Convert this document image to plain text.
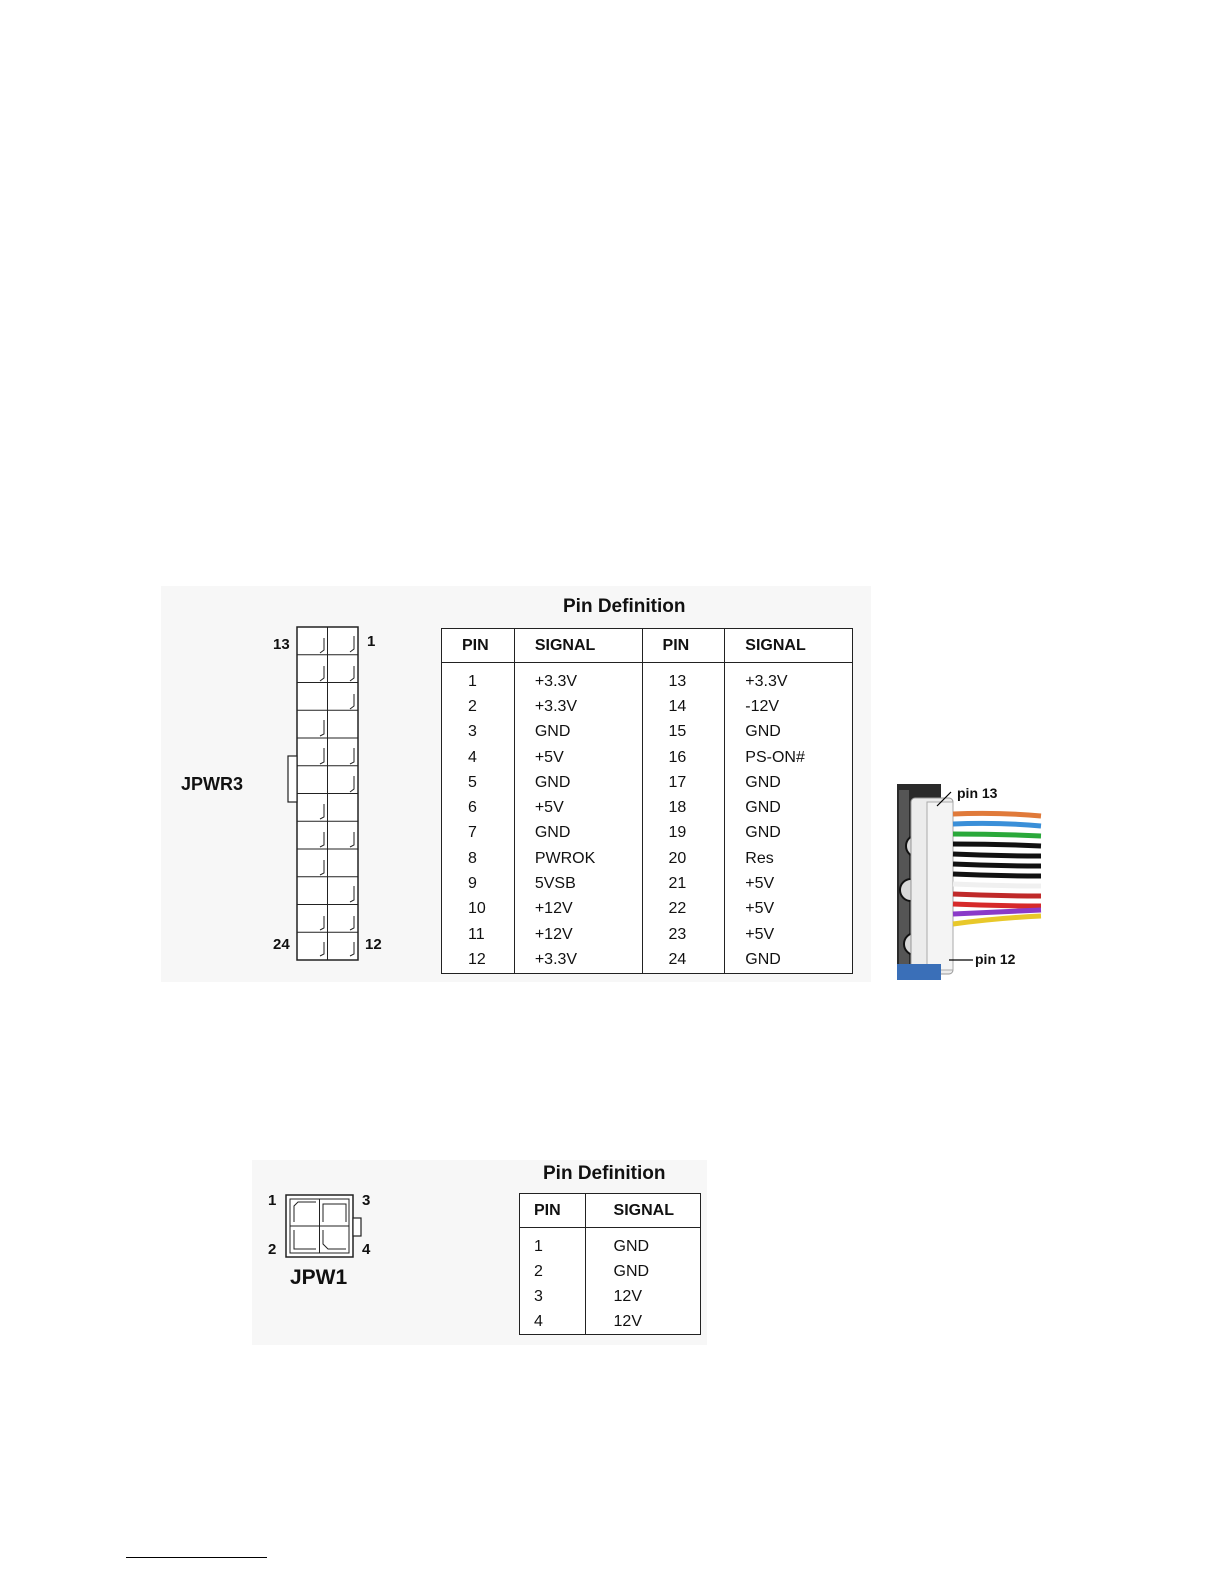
Pin Definition
JPWR3
13	1
24	12
PIN	SIGNAL	PIN	SIGNAL
1	+3.3V	13	+3.3V
2	+3.3V	14	-12V
3	GND	15	GND
4	+5V	16	PS-ON#
5	GND	17	GND
6	+5V	18	GND
7	GND	19	GND
8	PWROK	20	Res
9	5VSB	21	+5V
10	+12V	22	+5V
11	+12V	23	+5V
12	+3.3V	24	GND
pin 13
pin 12
Pin Definition
1	3
2	4
JPW1
PIN	SIGNAL
1	GND
2	GND
3	12V
4	12V
